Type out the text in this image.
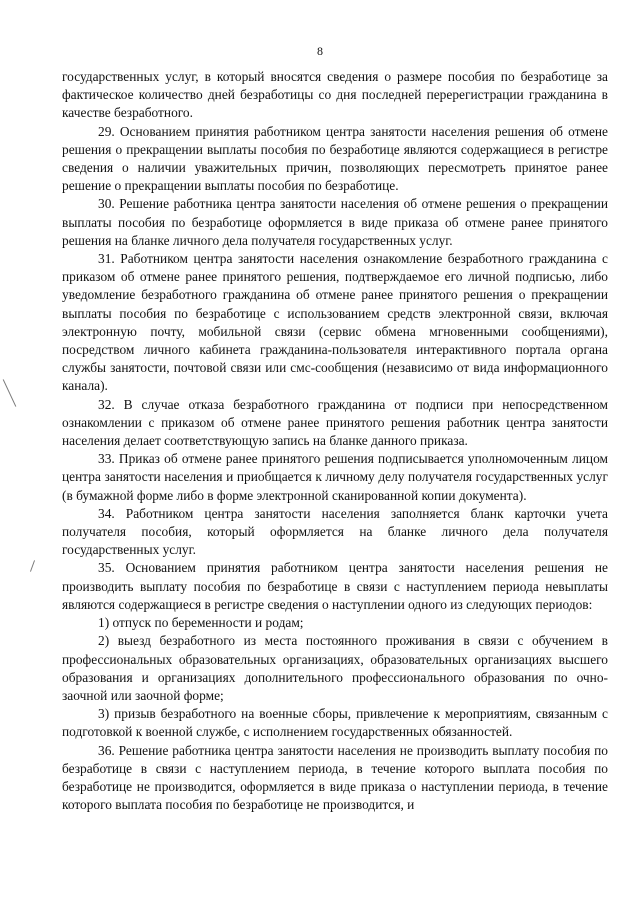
8

государственных услуг, в который вносятся сведения о размере пособия по безработице за фактическое количество дней безработицы со дня последней перерегистрации гражданина в качестве безработного.

29. Основанием принятия работником центра занятости населения решения об отмене решения о прекращении выплаты пособия по безработице являются содержащиеся в регистре сведения о наличии уважительных причин, позволяющих пересмотреть принятое ранее решение о прекращении выплаты пособия по безработице.

30. Решение работника центра занятости населения об отмене решения о прекращении выплаты пособия по безработице оформляется в виде приказа об отмене ранее принятого решения на бланке личного дела получателя государственных услуг.

31. Работником центра занятости населения ознакомление безработного гражданина с приказом об отмене ранее принятого решения, подтверждаемое его личной подписью, либо уведомление безработного гражданина об отмене ранее принятого решения о прекращении выплаты пособия по безработице с использованием средств электронной связи, включая электронную почту, мобильной связи (сервис обмена мгновенными сообщениями), посредством личного кабинета гражданина-пользователя интерактивного портала органа службы занятости, почтовой связи или смс-сообщения (независимо от вида информационного канала).

32. В случае отказа безработного гражданина от подписи при непосредственном ознакомлении с приказом об отмене ранее принятого решения работник центра занятости населения делает соответствующую запись на бланке данного приказа.

33. Приказ об отмене ранее принятого решения подписывается уполномоченным лицом центра занятости населения и приобщается к личному делу получателя государственных услуг (в бумажной форме либо в форме электронной сканированной копии документа).

34. Работником центра занятости населения заполняется бланк карточки учета получателя пособия, который оформляется на бланке личного дела получателя государственных услуг.

35. Основанием принятия работником центра занятости населения решения не производить выплату пособия по безработице в связи с наступлением периода невыплаты являются содержащиеся в регистре сведения о наступлении одного из следующих периодов:

1) отпуск по беременности и родам;

2) выезд безработного из места постоянного проживания в связи с обучением в профессиональных образовательных организациях, образовательных организациях высшего образования и организациях дополнительного профессионального образования по очно-заочной или заочной форме;

3) призыв безработного на военные сборы, привлечение к мероприятиям, связанным с подготовкой к военной службе, с исполнением государственных обязанностей.

36. Решение работника центра занятости населения не производить выплату пособия по безработице в связи с наступлением периода, в течение которого выплата пособия по безработице не производится, оформляется в виде приказа о наступлении периода, в течение которого выплата пособия по безработице не производится, и
